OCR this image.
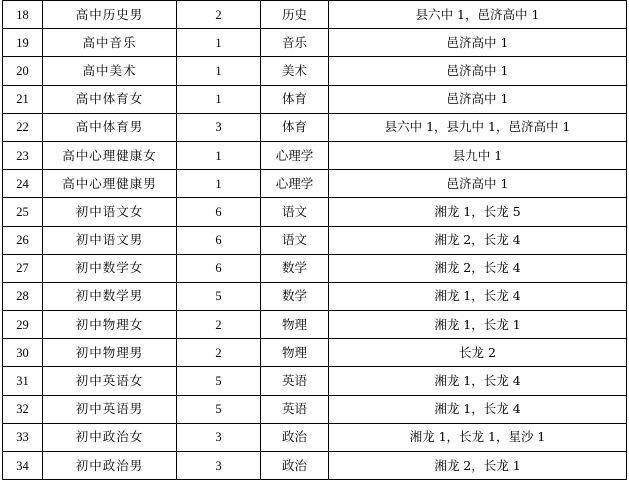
18	高中历史男	2	历史	县六中 1，邑济高中 1
19	高中音乐	1	音乐	邑济高中 1
20	高中美术	1	美术	邑济高中 1
21	高中体育女	1	体育	邑济高中 1
22	高中体育男	3	体育	县六中 1，县九中 1，邑济高中 1
23	高中心理健康女	1	心理学	县九中 1
24	高中心理健康男	1	心理学	邑济高中 1
25	初中语文女	6	语文	湘龙 1，长龙 5
26	初中语文男	6	语文	湘龙 2，长龙 4
27	初中数学女	6	数学	湘龙 2，长龙 4
28	初中数学男	5	数学	湘龙 1，长龙 4
29	初中物理女	2	物理	湘龙 1，长龙 1
30	初中物理男	2	物理	长龙 2
31	初中英语女	5	英语	湘龙 1，长龙 4
32	初中英语男	5	英语	湘龙 1，长龙 4
33	初中政治女	3	政治	湘龙 1，长龙 1，星沙 1
34	初中政治男	3	政治	湘龙 2，长龙 1
